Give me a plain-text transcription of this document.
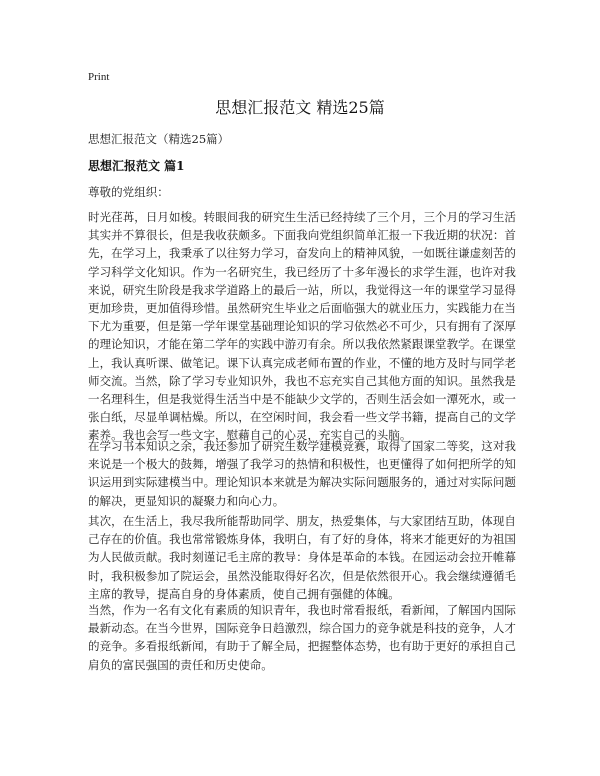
Print
思想汇报范文 精选25篇
思想汇报范文（精选25篇）
思想汇报范文 篇1
尊敬的党组织：
时光荏苒，日月如梭。转眼间我的研究生生活已经持续了三个月，三个月的学习生活其实并不算很长，但是我收获颇多。下面我向党组织简单汇报一下我近期的状况：首先，在学习上，我秉承了以往努力学习，奋发向上的精神风貌，一如既往谦虚刻苦的学习科学文化知识。作为一名研究生，我已经历了十多年漫长的求学生涯，也许对我来说，研究生阶段是我求学道路上的最后一站，所以，我觉得这一年的课堂学习显得更加珍贵，更加值得珍惜。虽然研究生毕业之后面临强大的就业压力，实践能力在当下尤为重要，但是第一学年课堂基础理论知识的学习依然必不可少，只有拥有了深厚的理论知识，才能在第二学年的实践中游刃有余。所以我依然紧跟课堂教学。在课堂上，我认真听课、做笔记。课下认真完成老师布置的作业，不懂的地方及时与同学老师交流。当然，除了学习专业知识外，我也不忘充实自己其他方面的知识。虽然我是一名理科生，但是我觉得生活当中是不能缺少文学的，否则生活会如一潭死水，或一张白纸，尽显单调枯燥。所以，在空闲时间，我会看一些文学书籍，提高自己的文学素养。我也会写一些文字，慰藉自己的心灵，充实自己的头脑。
在学习书本知识之余，我还参加了研究生数学建模竞赛，取得了国家二等奖，这对我来说是一个极大的鼓舞，增强了我学习的热情和积极性，也更懂得了如何把所学的知识运用到实际建模当中。理论知识本来就是为解决实际问题服务的，通过对实际问题的解决，更显知识的凝聚力和向心力。
其次，在生活上，我尽我所能帮助同学、朋友，热爱集体，与大家团结互助，体现自己存在的价值。我也常常锻炼身体，我明白，有了好的身体，将来才能更好的为祖国为人民做贡献。我时刻谨记毛主席的教导：身体是革命的本钱。在园运动会拉开帷幕时，我积极参加了院运会，虽然没能取得好名次，但是依然很开心。我会继续遵循毛主席的教导，提高自身的身体素质，使自己拥有强健的体魄。
当然，作为一名有文化有素质的知识青年，我也时常看报纸，看新闻，了解国内国际最新动态。在当今世界，国际竞争日趋激烈，综合国力的竞争就是科技的竞争，人才的竞争。多看报纸新闻，有助于了解全局，把握整体态势，也有助于更好的承担自己肩负的富民强国的责任和历史使命。
